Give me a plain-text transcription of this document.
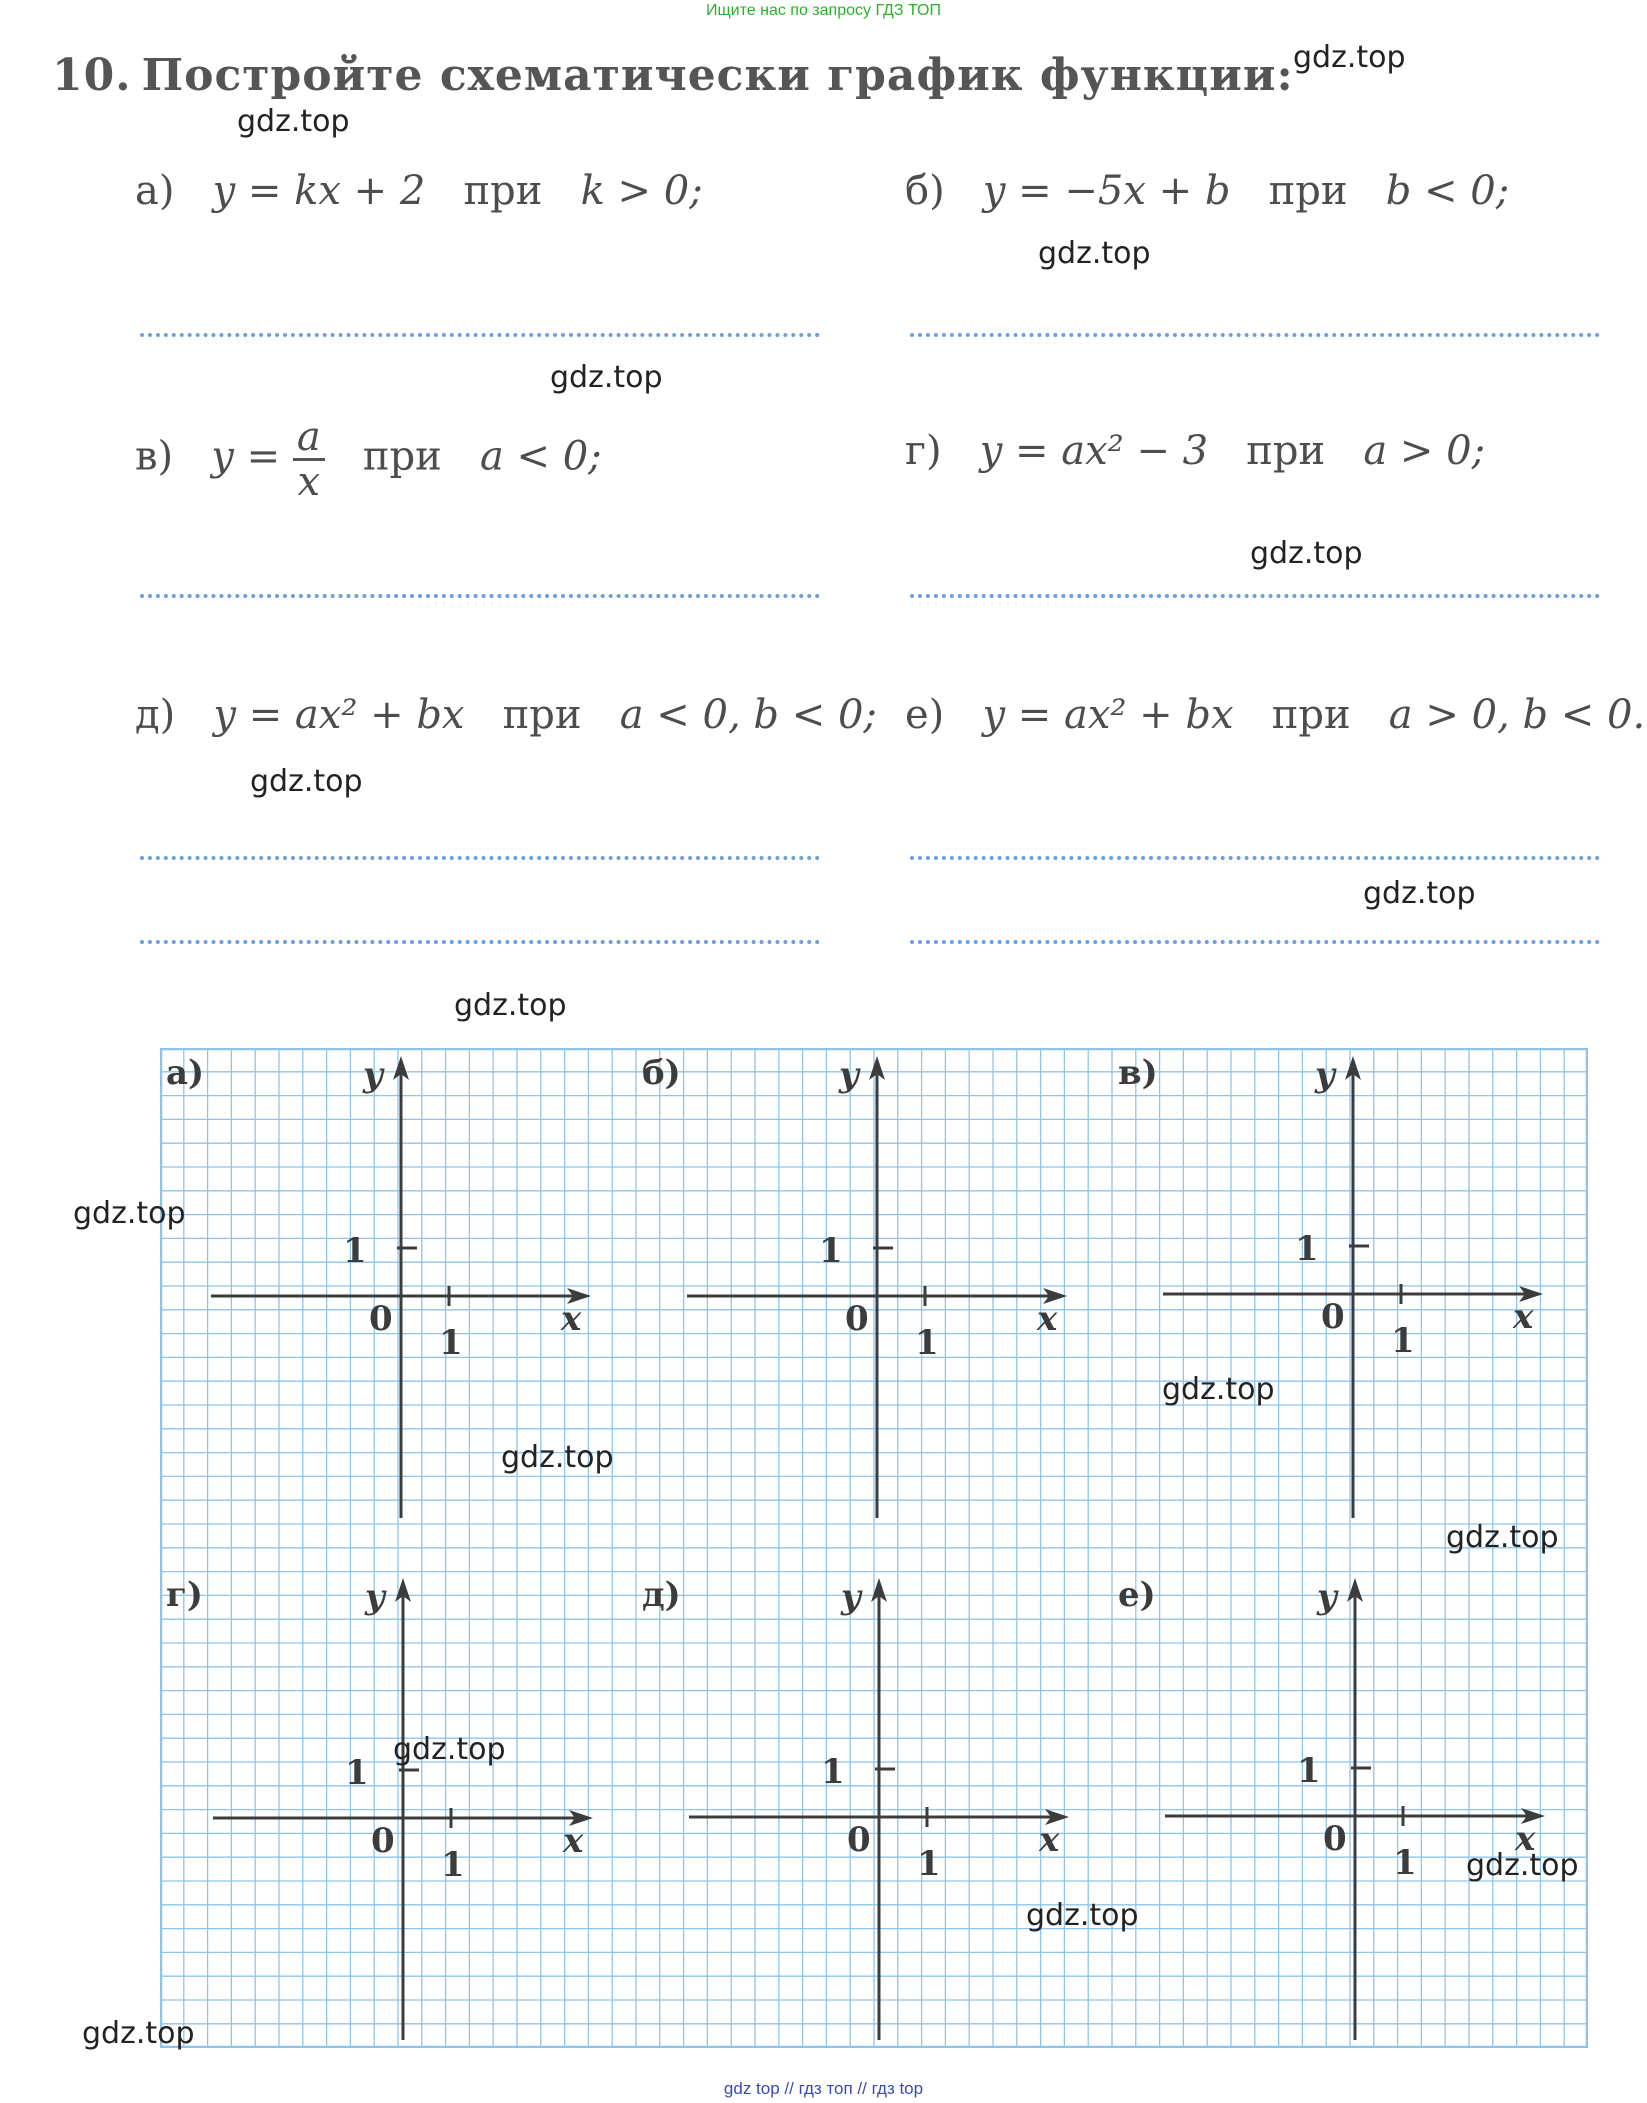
Ищите нас по запросу ГДЗ ТОП
10. Постройте схематически график функции:
а) y = kx + 2 при k > 0;	б) y = −5x + b при b < 0;
в) $y = \frac{a}{x}$ при a < 0;	г) y = ax² − 3 при a > 0;
д) y = ax² + bx при a < 0, b < 0; е) y = ax² + bx при a > 0, b < 0.
а)	y
x
0
1
1
б)	y
x
0
1
1
в)	y
x
0
1
1
г)	y
x
0
1
1
д)	y
x
0
1
1
е)	y
x
0
1
1
gdz.top
gdz.top
gdz.top
gdz.top
gdz.top
gdz.top
gdz.top
gdz.top
gdz.top
gdz.top
gdz.top
gdz.top
gdz.top
gdz.top
gdz.top
gdz.top
gdz top // гдз топ // гдз top
